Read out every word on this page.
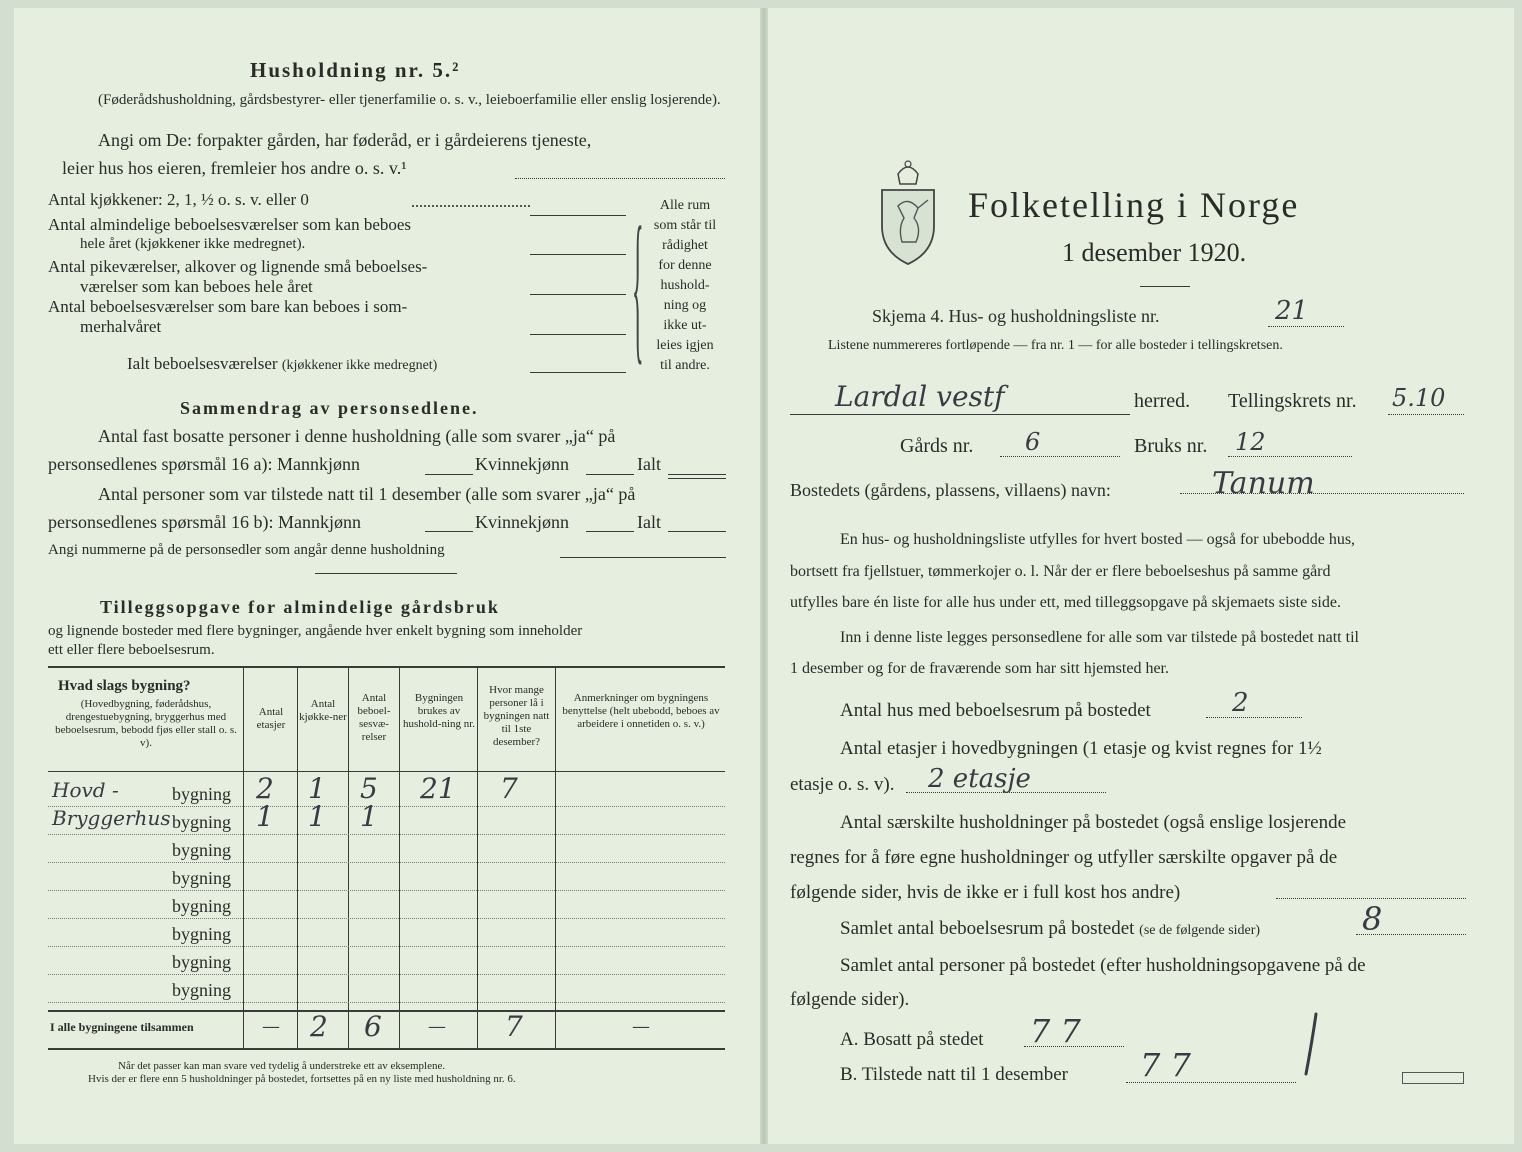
Husholdning nr. 5.²
(Føderådshusholdning, gårdsbestyrer- eller tjenerfamilie o. s. v., leieboerfamilie eller enslig losjerende).
Angi om De: forpakter gården, har føderåd, er i gårdeierens tjeneste,
leier hus hos eieren, fremleier hos andre o. s. v.¹
Antal kjøkkener: 2, 1, ½ o. s. v. eller 0
Antal almindelige beboelsesværelser som kan beboes
hele året (kjøkkener ikke medregnet).
Antal pikeværelser, alkover og lignende små beboelses-
værelser som kan beboes hele året
Antal beboelsesværelser som bare kan beboes i som-
merhalvåret
Ialt beboelsesværelser (kjøkkener ikke medregnet)	{	Alle rum
som står til
rådighet
for denne
hushold-
ning og
ikke ut-
leies igjen
til andre.
Sammendrag av personsedlene.
Antal fast bosatte personer i denne husholdning (alle som svarer „ja“ på
personsedlenes spørsmål 16 a): Mannkjønn	Kvinnekjønn	Ialt
Antal personer som var tilstede natt til 1 desember (alle som svarer „ja“ på
personsedlenes spørsmål 16 b): Mannkjønn	Kvinnekjønn	Ialt
Angi nummerne på de personsedler som angår denne husholdning
Tilleggsopgave for almindelige gårdsbruk
og lignende bosteder med flere bygninger, angående hver enkelt bygning som inneholder
ett eller flere beboelsesrum.
Hvad slags bygning?
(Hovedbygning, føderådshus, drengestuebygning, bryggerhus med beboelsesrum, bebodd fjøs eller stall o. s. v).
Antal etasjer
Antal kjøkke-ner
Antal beboel-sesvæ-relser
Bygningen brukes av hushold-ning nr.
Hvor mange personer lå i bygningen natt til 1ste desember?
Anmerkninger om bygningens benyttelse (helt ubebodd, beboes av arbeidere i onnetiden o. s. v.)
Hovd -	bygning 2 1 5 21 7
Bryggerhus bygning 1 1 1
bygning
bygning
bygning
bygning
bygning
bygning
I alle bygningene tilsammen	— 2 6	— 7	—
Når det passer kan man svare ved tydelig å understreke ett av eksemplene.
Hvis der er flere enn 5 husholdninger på bostedet, fortsettes på en ny liste med husholdning nr. 6.
Folketelling i Norge
1 desember 1920.
Skjema 4. Hus- og husholdningsliste nr.	21
Listene nummereres fortløpende — fra nr. 1 — for alle bosteder i tellingskretsen.
Lardal vestf	herred. Tellingskrets nr. 5.10
Gårds nr. 6	Bruks nr. 12
Bostedets (gårdens, plassens, villaens) navn:	Tanum
En hus- og husholdningsliste utfylles for hvert bosted — også for ubebodde hus,
bortsett fra fjellstuer, tømmerkojer o. l. Når der er flere beboelseshus på samme gård
utfylles bare én liste for alle hus under ett, med tilleggsopgave på skjemaets siste side.
Inn i denne liste legges personsedlene for alle som var tilstede på bostedet natt til
1 desember og for de fraværende som har sitt hjemsted her.
Antal hus med beboelsesrum på bostedet	2
Antal etasjer i hovedbygningen (1 etasje og kvist regnes for 1½
etasje o. s. v). 2 etasje
Antal særskilte husholdninger på bostedet (også enslige losjerende
regnes for å føre egne husholdninger og utfyller særskilte opgaver på de
følgende sider, hvis de ikke er i full kost hos andre)
Samlet antal beboelsesrum på bostedet (se de følgende sider)	8
Samlet antal personer på bostedet (efter husholdningsopgavene på de
følgende sider).
A. Bosatt på stedet 7 7
B. Tilstede natt til 1 desember 7 7
